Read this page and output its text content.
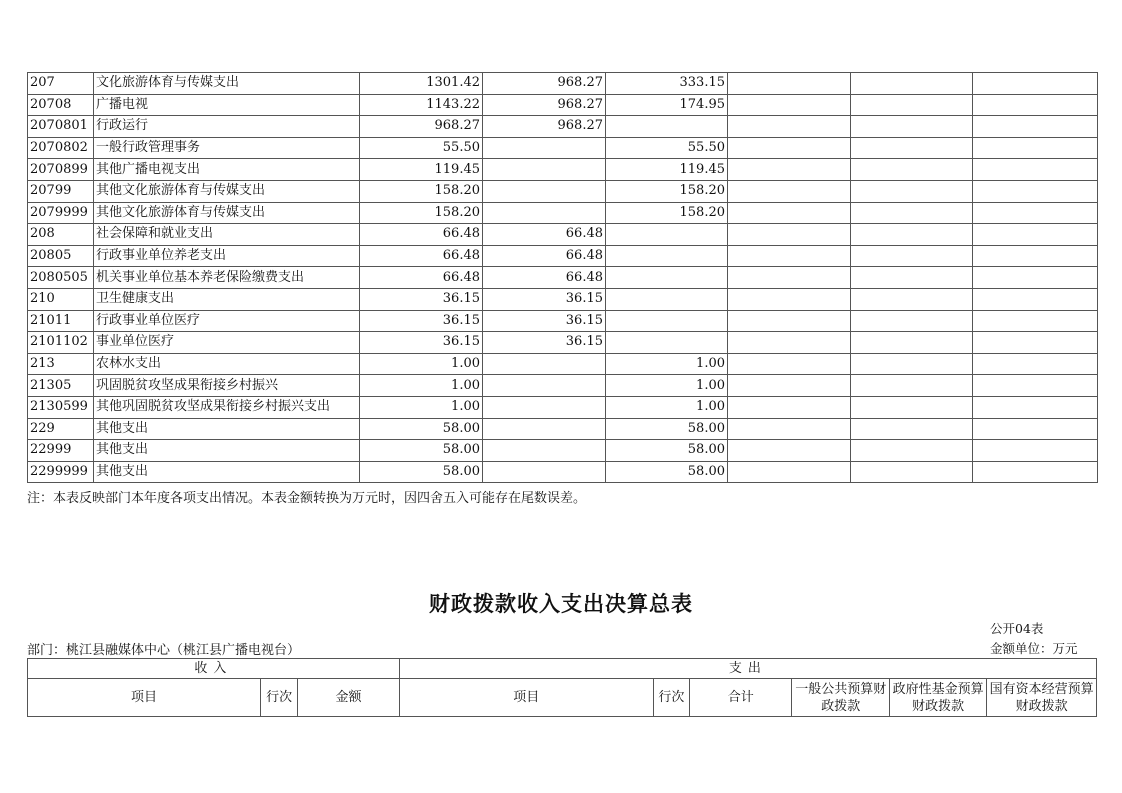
207	文化旅游体育与传媒支出	1301.42	968.27	333.15			
20708	广播电视	1143.22	968.27	174.95			
2070801	行政运行	968.27	968.27				
2070802	一般行政管理事务	55.50		55.50			
2070899	其他广播电视支出	119.45		119.45			
20799	其他文化旅游体育与传媒支出	158.20		158.20			
2079999	其他文化旅游体育与传媒支出	158.20		158.20			
208	社会保障和就业支出	66.48	66.48				
20805	行政事业单位养老支出	66.48	66.48				
2080505	机关事业单位基本养老保险缴费支出	66.48	66.48				
210	卫生健康支出	36.15	36.15				
21011	行政事业单位医疗	36.15	36.15				
2101102	事业单位医疗	36.15	36.15				
213	农林水支出	1.00		1.00			
21305	巩固脱贫攻坚成果衔接乡村振兴	1.00		1.00			
2130599	其他巩固脱贫攻坚成果衔接乡村振兴支出	1.00		1.00			
229	其他支出	58.00		58.00			
22999	其他支出	58.00		58.00			
2299999	其他支出	58.00		58.00			
注：本表反映部门本年度各项支出情况。本表金额转换为万元时，因四舍五入可能存在尾数误差。
财政拨款收入支出决算总表
公开04表
部门：桃江县融媒体中心（桃江县广播电视台）	金额单位：万元
收入			支出					
项目	行次	金额	项目	行次	合计	一般公共预算财政拨款	政府性基金预算财政拨款	国有资本经营预算财政拨款
